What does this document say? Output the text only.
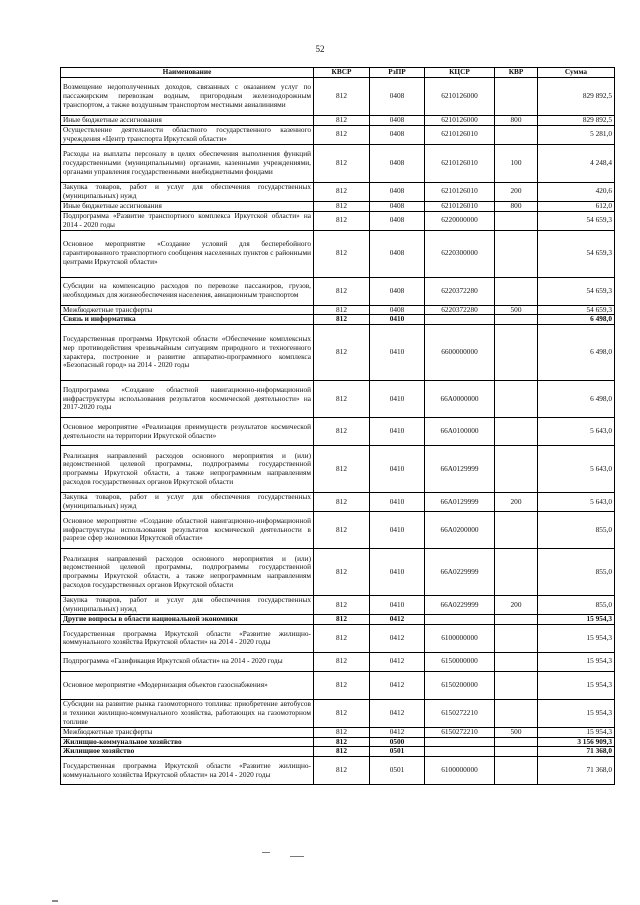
52
Наименование	КВСР	РзПР	КЦСР	КВР	Сумма
Возмещение недополученных доходов, связанных с оказанием услуг по пассажирским перевозкам водным, пригородным железнодорожным транспортом, а также воздушным транспортом местными авиалиниями	812	0408	6210126000		829 892,5
Иные бюджетные ассигнования	812	0408	6210126000	800	829 892,5
Осуществление деятельности областного государственного казенного учреждения «Центр транспорта Иркутской области»	812	0408	6210126010		5 281,0
Расходы на выплаты персоналу в целях обеспечения выполнения функций государственными (муниципальными) органами, казенными учреждениями, органами управления государственными внебюджетными фондами	812	0408	6210126010	100	4 248,4
Закупка товаров, работ и услуг для обеспечения государственных (муниципальных) нужд	812	0408	6210126010	200	420,6
Иные бюджетные ассигнования	812	0408	6210126010	800	612,0
Подпрограмма «Развитие транспортного комплекса Иркутской области» на 2014 - 2020 годы	812	0408	6220000000		54 659,3
Основное мероприятие «Создание условий для бесперебойного гарантированного транспортного сообщения населенных пунктов с районными центрами Иркутской области»	812	0408	6220300000		54 659,3
Субсидии на компенсацию расходов по перевозке пассажиров, грузов, необходимых для жизнеобеспечения населения, авиационным транспортом	812	0408	6220372280		54 659,3
Межбюджетные трансферты	812	0408	6220372280	500	54 659,3
Связь и информатика	812	0410			6 498,0
Государственная программа Иркутской области «Обеспечение комплексных мер противодействия чрезвычайным ситуациям природного и техногенного характера, построение и развитие аппаратно-программного комплекса «Безопасный город» на 2014 - 2020 годы	812	0410	6600000000		6 498,0
Подпрограмма «Создание областной навигационно-информационной инфраструктуры использования результатов космической деятельности» на 2017-2020 годы	812	0410	66А0000000		6 498,0
Основное мероприятие «Реализация преимуществ результатов космической деятельности на территории Иркутской области»	812	0410	66А0100000		5 643,0
Реализация направлений расходов основного мероприятия и (или) ведомственной целевой программы, подпрограммы государственной программы Иркутской области, а также непрограммным направлениям расходов государственных органов Иркутской области	812	0410	66А0129999		5 643,0
Закупка товаров, работ и услуг для обеспечения государственных (муниципальных) нужд	812	0410	66А0129999	200	5 643,0
Основное мероприятие «Создание областной навигационно-информационной инфраструктуры использования результатов космической деятельности в разрезе сфер экономики Иркутской области»	812	0410	66А0200000		855,0
Реализация направлений расходов основного мероприятия и (или) ведомственной целевой программы, подпрограммы государственной программы Иркутской области, а также непрограммным направлениям расходов государственных органов Иркутской области	812	0410	66А0229999		855,0
Закупка товаров, работ и услуг для обеспечения государственных (муниципальных) нужд	812	0410	66А0229999	200	855,0
Другие вопросы в области национальной экономики	812	0412			15 954,3
Государственная программа Иркутской области «Развитие жилищно-коммунального хозяйства Иркутской области» на 2014 - 2020 годы	812	0412	6100000000		15 954,3
Подпрограмма «Газификация Иркутской области» на 2014 - 2020 годы	812	0412	6150000000		15 954,3
Основное мероприятие «Модернизация объектов газоснабжения»	812	0412	6150200000		15 954,3
Субсидии на развитие рынка газомоторного топлива: приобретение автобусов и техники жилищно-коммунального хозяйства, работающих на газомоторном топливе	812	0412	6150272210		15 954,3
Межбюджетные трансферты	812	0412	6150272210	500	15 954,3
Жилищно-коммунальное хозяйство	812	0500			3 156 909,3
Жилищное хозяйство	812	0501			71 368,0
Государственная программа Иркутской области «Развитие жилищно-коммунального хозяйства Иркутской области» на 2014 - 2020 годы	812	0501	6100000000		71 368,0
